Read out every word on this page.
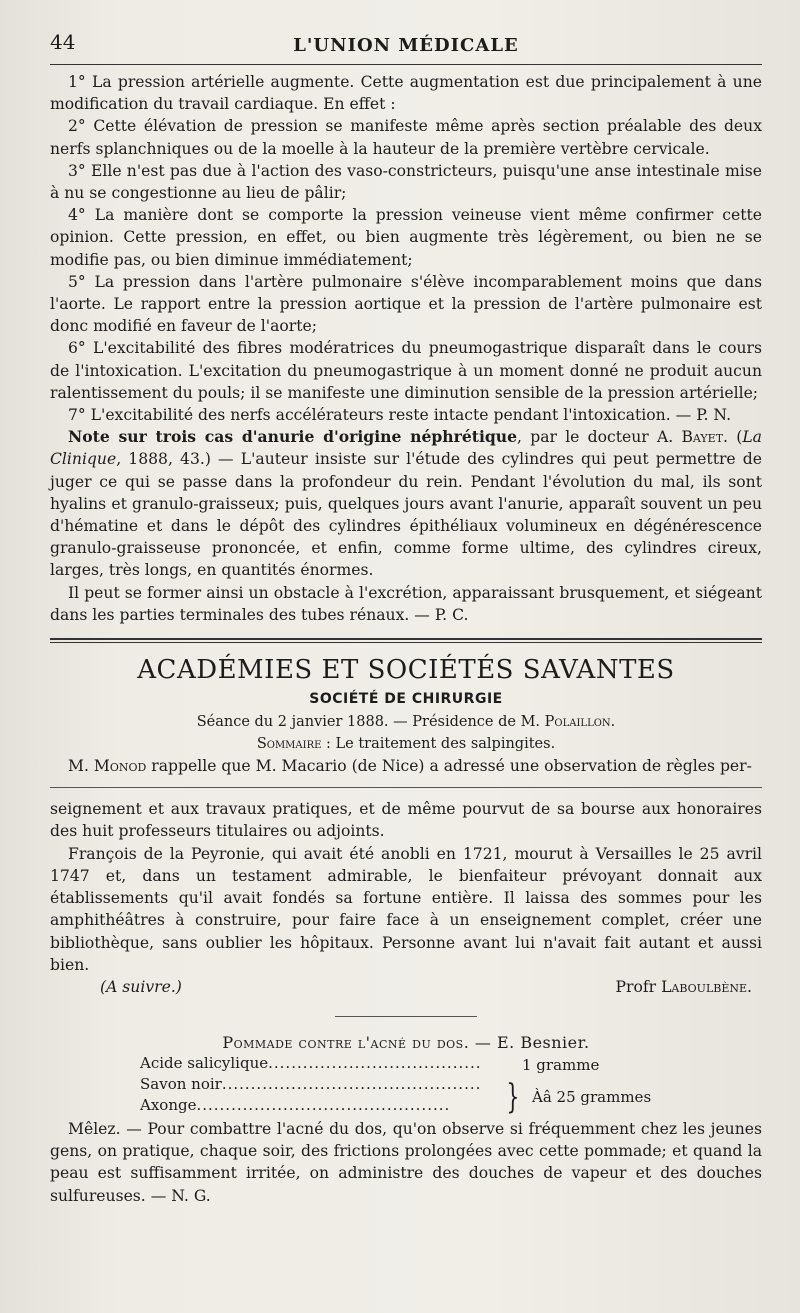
44	L'UNION MÉDICALE

1° La pression artérielle augmente. Cette augmentation est due principalement à une modification du travail cardiaque. En effet :

2° Cette élévation de pression se manifeste même après section préalable des deux nerfs splanchniques ou de la moelle à la hauteur de la première vertèbre cervicale.

3° Elle n'est pas due à l'action des vaso-constricteurs, puisqu'une anse intestinale mise à nu se congestionne au lieu de pâlir;

4° La manière dont se comporte la pression veineuse vient même confirmer cette opinion. Cette pression, en effet, ou bien augmente très légèrement, ou bien ne se modifie pas, ou bien diminue immédiatement;

5° La pression dans l'artère pulmonaire s'élève incomparablement moins que dans l'aorte. Le rapport entre la pression aortique et la pression de l'artère pulmonaire est donc modifié en faveur de l'aorte;

6° L'excitabilité des fibres modératrices du pneumogastrique disparaît dans le cours de l'intoxication. L'excitation du pneumogastrique à un moment donné ne produit aucun ralentissement du pouls; il se manifeste une diminution sensible de la pression artérielle;

7° L'excitabilité des nerfs accélérateurs reste intacte pendant l'intoxication. — P. N.

Note sur trois cas d'anurie d'origine néphrétique, par le docteur A. Bayet. (La Clinique, 1888, 43.) — L'auteur insiste sur l'étude des cylindres qui peut permettre de juger ce qui se passe dans la profondeur du rein. Pendant l'évolution du mal, ils sont hyalins et granulo-graisseux; puis, quelques jours avant l'anurie, apparaît souvent un peu d'hématine et dans le dépôt des cylindres épithéliaux volumineux en dégénérescence granulo-graisseuse prononcée, et enfin, comme forme ultime, des cylindres cireux, larges, très longs, en quantités énormes.

Il peut se former ainsi un obstacle à l'excrétion, apparaissant brusquement, et siégeant dans les parties terminales des tubes rénaux. — P. C.

ACADÉMIES ET SOCIÉTÉS SAVANTES
SOCIÉTÉ DE CHIRURGIE
Séance du 2 janvier 1888. — Présidence de M. Polaillon.
Sommaire : Le traitement des salpingites.

M. Monod rappelle que M. Macario (de Nice) a adressé une observation de règles per-

seignement et aux travaux pratiques, et de même pourvut de sa bourse aux honoraires des huit professeurs titulaires ou adjoints.

François de la Peyronie, qui avait été anobli en 1721, mourut à Versailles le 25 avril 1747 et, dans un testament admirable, le bienfaiteur prévoyant donnait aux établissements qu'il avait fondés sa fortune entière. Il laissa des sommes pour les amphithéâtres à construire, pour faire face à un enseignement complet, créer une bibliothèque, sans oublier les hôpitaux. Personne avant lui n'avait fait autant et aussi bien.

(A suivre.)	Profr Laboulbène.
Pommade contre l'acné du dos. — E. Besnier.
Acide salicylique.....................................
Savon noir.............................................
Axonge............................................
1 gramme
} Àâ 25 grammes

Mêlez. — Pour combattre l'acné du dos, qu'on observe si fréquemment chez les jeunes gens, on pratique, chaque soir, des frictions prolongées avec cette pommade; et quand la peau est suffisamment irritée, on administre des douches de vapeur et des douches sulfureuses. — N. G.
